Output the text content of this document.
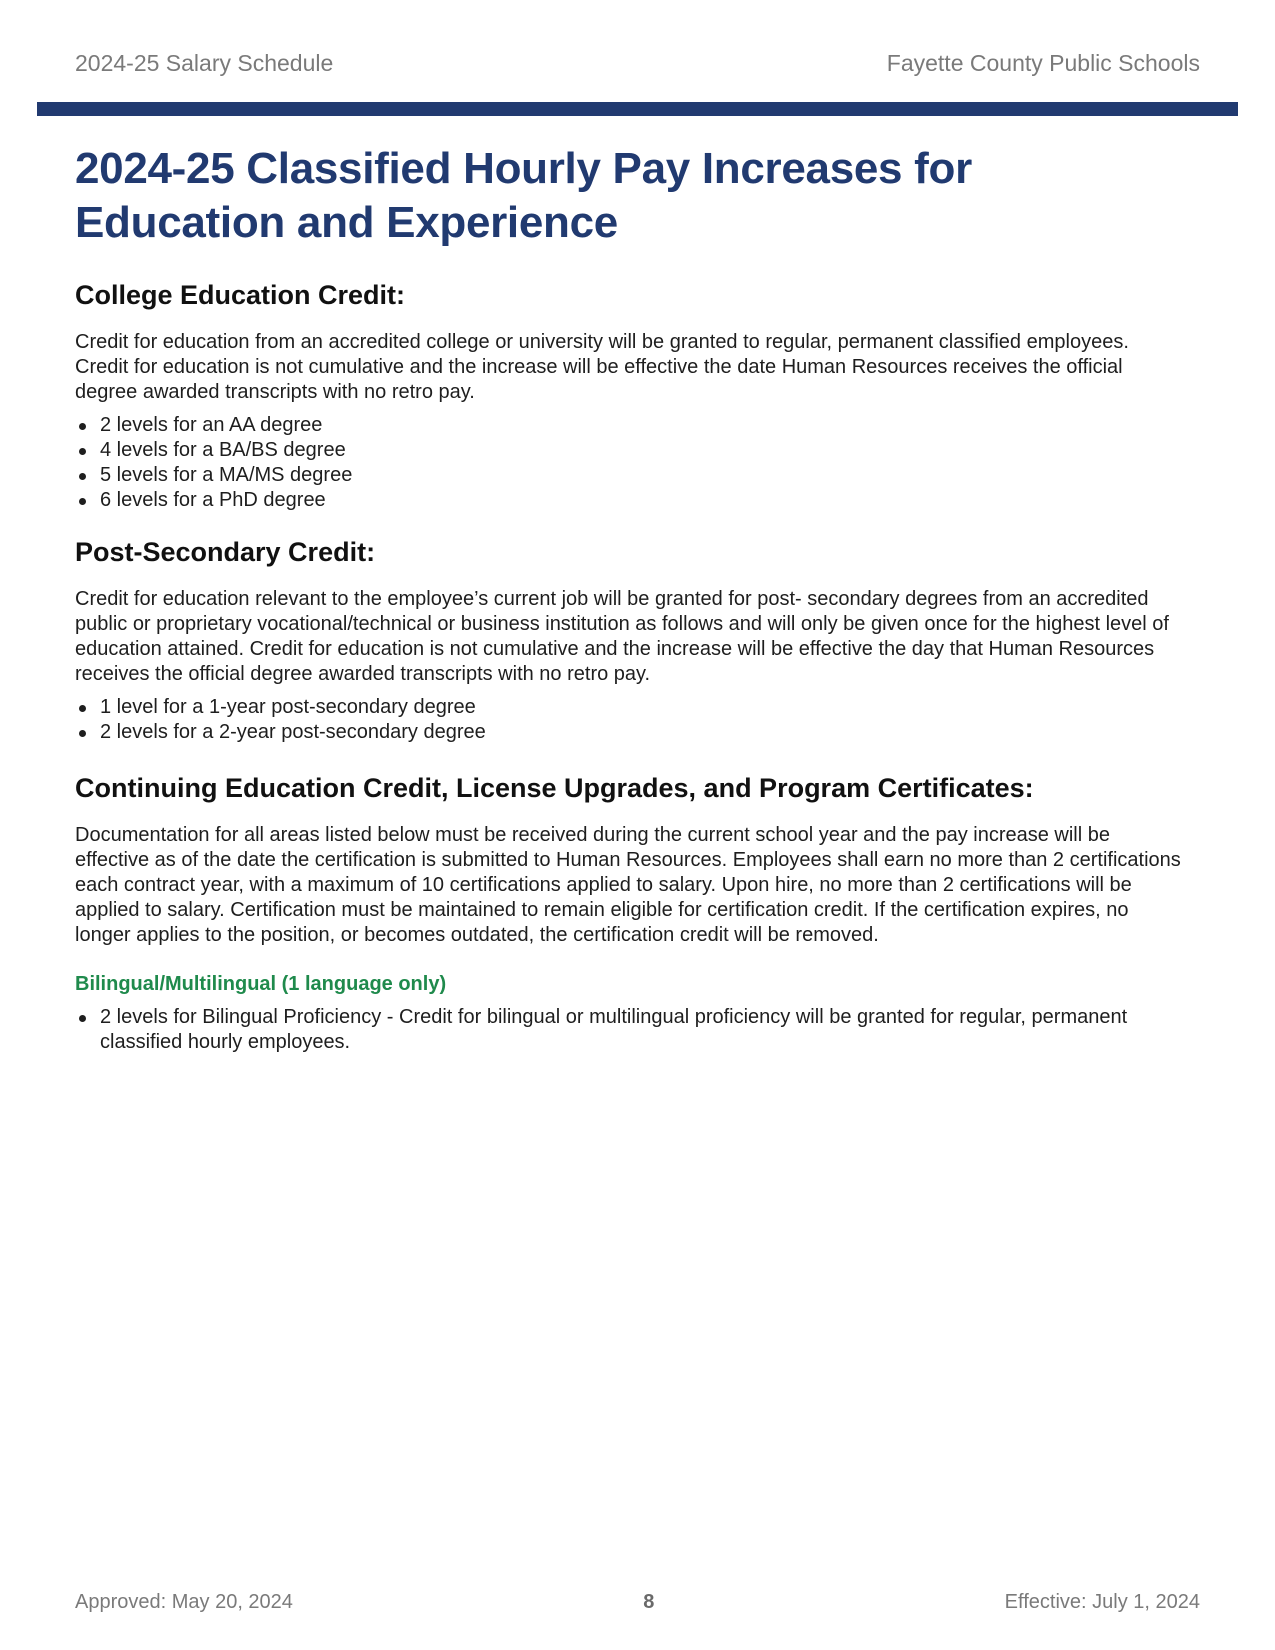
2024-25 Salary Schedule	Fayette County Public Schools
2024-25 Classified Hourly Pay Increases for Education and Experience
College Education Credit:

Credit for education from an accredited college or university will be granted to regular, permanent classified employees. Credit for education is not cumulative and the increase will be effective the date Human Resources receives the official degree awarded transcripts with no retro pay.

2 levels for an AA degree
4 levels for a BA/BS degree
5 levels for a MA/MS degree
6 levels for a PhD degree
Post-Secondary Credit:

Credit for education relevant to the employee’s current job will be granted for post- secondary degrees from an accredited public or proprietary vocational/technical or business institution as follows and will only be given once for the highest level of education attained. Credit for education is not cumulative and the increase will be effective the day that Human Resources receives the official degree awarded transcripts with no retro pay.

1 level for a 1-year post-secondary degree
2 levels for a 2-year post-secondary degree
Continuing Education Credit, License Upgrades, and Program Certificates:

Documentation for all areas listed below must be received during the current school year and the pay increase will be effective as of the date the certification is submitted to Human Resources. Employees shall earn no more than 2 certifications each contract year, with a maximum of 10 certifications applied to salary. Upon hire, no more than 2 certifications will be applied to salary. Certification must be maintained to remain eligible for certification credit. If the certification expires, no longer applies to the position, or becomes outdated, the certification credit will be removed.

Bilingual/Multilingual (1 language only)
2 levels for Bilingual Proficiency - Credit for bilingual or multilingual proficiency will be granted for regular, permanent classified hourly employees.
Approved: May 20, 2024	8	Effective: July 1, 2024
